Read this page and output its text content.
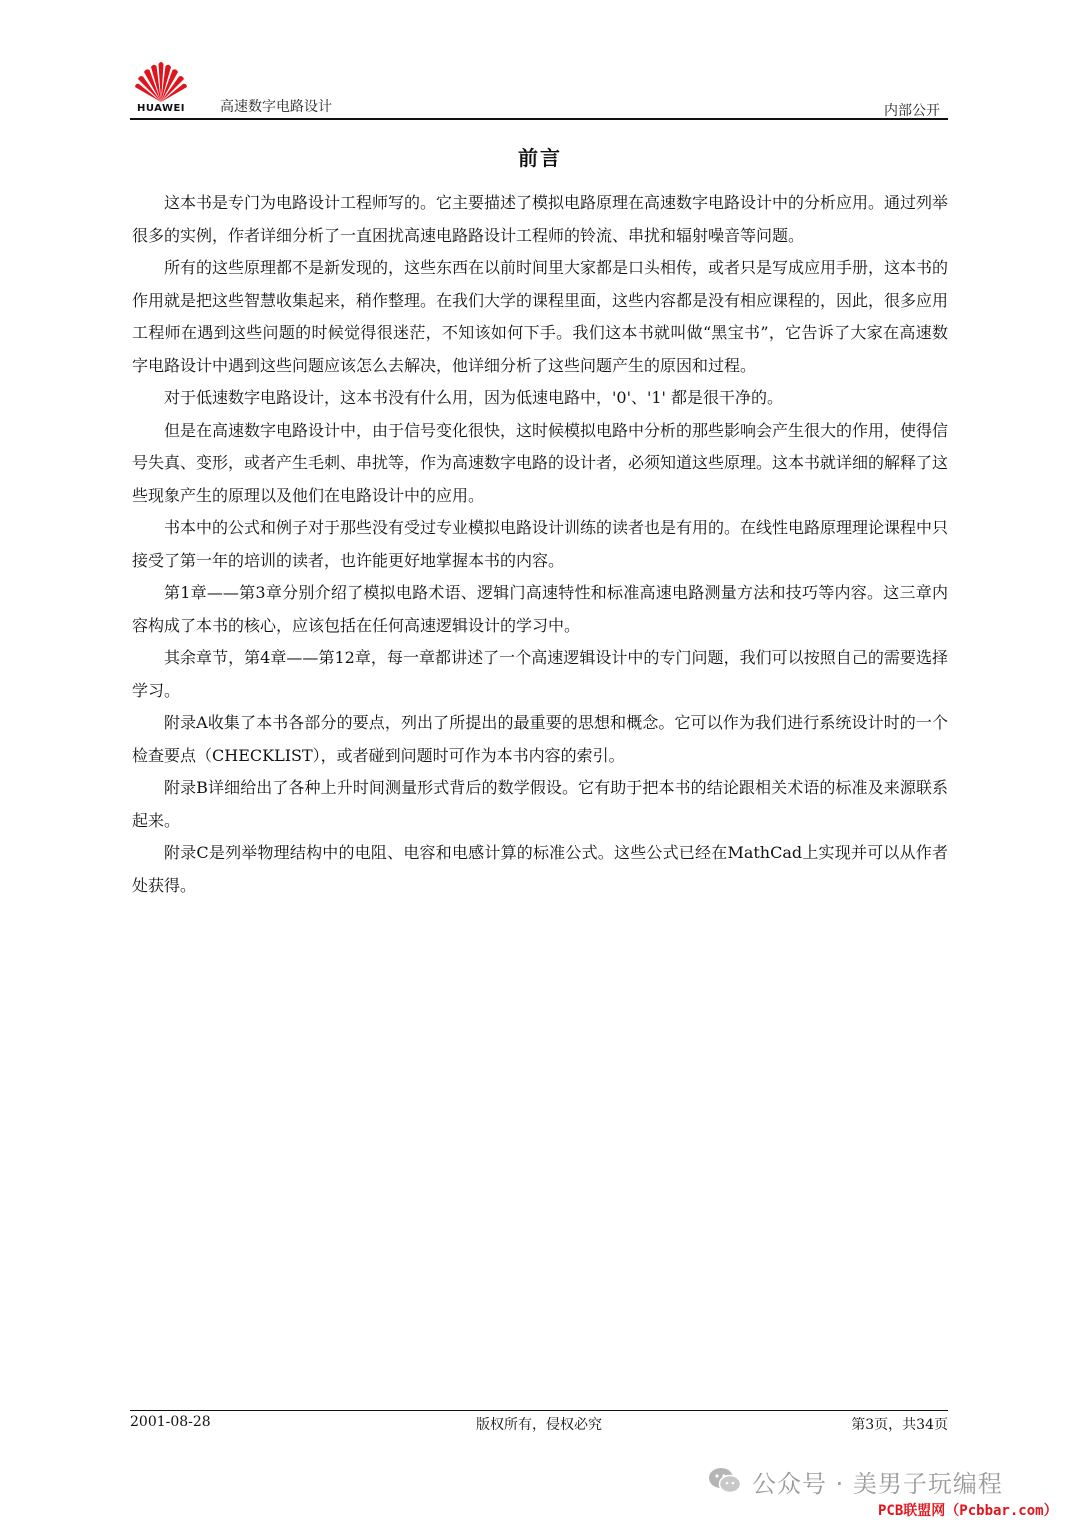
HUAWEI	高速数字电路设计	内部公开
前言

这本书是专门为电路设计工程师写的。它主要描述了模拟电路原理在高速数字电路设计中的分析应用。通过列举很多的实例，作者详细分析了一直困扰高速电路路设计工程师的铃流、串扰和辐射噪音等问题。

所有的这些原理都不是新发现的，这些东西在以前时间里大家都是口头相传，或者只是写成应用手册，这本书的作用就是把这些智慧收集起来，稍作整理。在我们大学的课程里面，这些内容都是没有相应课程的，因此，很多应用工程师在遇到这些问题的时候觉得很迷茫，不知该如何下手。我们这本书就叫做“黑宝书”，它告诉了大家在高速数字电路设计中遇到这些问题应该怎么去解决，他详细分析了这些问题产生的原因和过程。

对于低速数字电路设计，这本书没有什么用，因为低速电路中，'0'、'1' 都是很干净的。

但是在高速数字电路设计中，由于信号变化很快，这时候模拟电路中分析的那些影响会产生很大的作用，使得信号失真、变形，或者产生毛刺、串扰等，作为高速数字电路的设计者，必须知道这些原理。这本书就详细的解释了这些现象产生的原理以及他们在电路设计中的应用。

书本中的公式和例子对于那些没有受过专业模拟电路设计训练的读者也是有用的。在线性电路原理理论课程中只接受了第一年的培训的读者，也许能更好地掌握本书的内容。

第1章——第3章分别介绍了模拟电路术语、逻辑门高速特性和标准高速电路测量方法和技巧等内容。这三章内容构成了本书的核心，应该包括在任何高速逻辑设计的学习中。

其余章节，第4章——第12章，每一章都讲述了一个高速逻辑设计中的专门问题，我们可以按照自己的需要选择学习。

附录A收集了本书各部分的要点，列出了所提出的最重要的思想和概念。它可以作为我们进行系统设计时的一个检查要点（CHECKLIST），或者碰到问题时可作为本书内容的索引。

附录B详细给出了各种上升时间测量形式背后的数学假设。它有助于把本书的结论跟相关术语的标准及来源联系起来。

附录C是列举物理结构中的电阻、电容和电感计算的标准公式。这些公式已经在MathCad上实现并可以从作者处获得。

2001-08-28	版权所有，侵权必究	第3页，共34页
公众号 · 美男子玩编程
PCB联盟网（Pcbbar.com）
